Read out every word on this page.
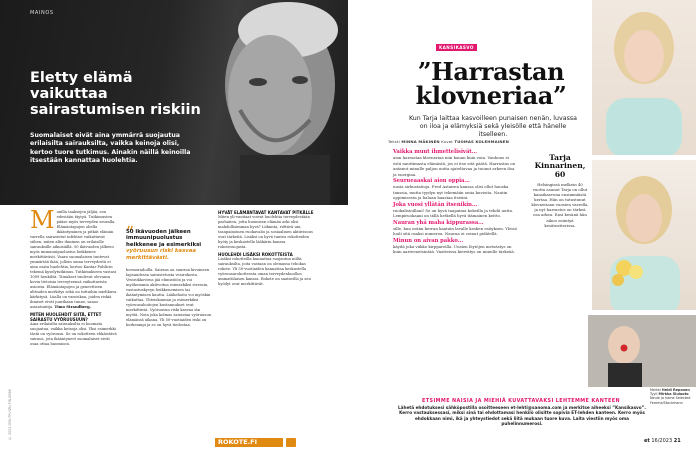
MAINOS
Eletty elämä vaikuttaa sairastumisen riskiin
Suomalaiset eivät aina ymmärrä suojautua erilaisilta sairauksilta, vaikka keinoja olisi, kertoo tuore tutkimus. Ainakin näillä keinoilla itsestään kannattaa huolehtia.
M onilla taaksejen jäljää, sen edestään täytyä. Tutkimusten pääse myös terveyden seuralla. Elämäntapojen ohella ikääntyminen ja pitkät elämän varrella sairastetut infektiot vaikuttavat siihen, miten altis ihminen on erilaisille sairauksille aikuisiällä. 50 ikävuoden jälkeen myös immuunipuolustus heikkenee merkittävästi. Vaara suomalaisen tuntevat ymmärtää ikää, jolloin omaa terveydestä ei aina osata huolehtia, kertoo Kantar Publicin tekemä kyselytutkimus. Tutkimukseen vastasi 1009 henkilöä. Tiinukset tuulevat olevansa kovin tietoisia terveyteensä vaikuttavista asioista. Elämäntapojen ja geneettisen alttiuden merkitys sekä on tuttuihin mielikuva kärkitysä. Liialla on varoiskaa, joiden riskiä ihmiset eivät juurikaan tunne, sanoo asiantuntija. Timo Strandberg.
MITEN HUOLEHDIT SIITÄ, ETTET SAIRASTU VYÖRUUSUUN?
Aina erilaisilta sairauksilta ei huomata suojautua, vaikka keinoja olisi. Yksi esimerkki tästä on vyöruusu. Se on rokotteen ehkäistävä sairaus, jota ikääntyneet suomalaiset eivät osaa ottaa huomioon.
„
50 ikävuoden jälkeen immuunipuolustus heikkenee ja esimerkiksi vyöruusun riski kasvaa merkittävästi.
hermoradoilla. Sairaus on suurina kivuineen lapsuudessa sairastetusta vesirokosta. Vesirokkovirus jää elimistöön ja voi myöhemmin aktivoitua esimerkiksi stressin, vastustuskyvyn heikkenemisen tai ikääntymisen kautta. Lääkehoito voi myöskin vaikuttaa. Yhteiskunnan ja esimerkiksi vyöruusuhoitojen kustannukset ovat merkittäviä. Vyöruusun riski kasvaa iän myötä. Noin joka kolmas sairastaa vyöruusun elämänsä aikana. Yli 50-vuotiaiden riski on korkeampi ja se on hyvä tiedostaa.
HYVÄT ELÄMÄNTAVAT KANTAVAT PITKÄLLE
Miten yli-vuotiaat voivat huolehtia terveydestään parhaiten, jotta huomisen elämän arki olisi mahdollisimman hyvä? Liikunta, riittävä uni, tasapainoinen ruokavalio ja sosiaalinen aktiivisuus ovat tärkeitä. Lisäksi on hyvä tuntea rokotteiden hyöty ja keskustella lääkärin kanssa rokotesuojasta.
HUOLEHDI LISÄKSI ROKOTTEISTA
Lisäksi rokotteilla kannattaa suojautua niiltä sairauksilta, joita vastaan on olemassa tehokas rokote. Yli 50-vuotiaiden kannattaa keskustella vyöruusurokotteesta oman terveydenhuollon ammattilaisen kanssa. Rokote on saatavilla ja sen hyödyt ovat merkittävät.
© 2022 GSK PP-HZU-FIN-0066
ROKOTE.FI
KANSIKASVO
”Harrastan klovneriaa”
Kun Tarja laittaa kasvoilleen punaisen nenän, luvassa on iloa ja elämyksiä sekä yleisölle että hänelle itselleen.
Teksti MINNA MÄKINEN Kuvat TUOMAS KOLEHMAINEN
Vaikka muut ihmettelisivät...

aion harrastaa klovneriaa niin kauan kuin voin. Vanhuus ei estä nauttimasta elämästä, jos ei itse sitä päätä. Harrastus on antanut minulle paljon uutta ajateltavaa ja tuonut arkeen iloa ja energiaa.

Seurueaaskai aion oppia...

uusia sirkustaitoja. Fred Astairen kanssa olisi ollut hauska tanssia, mutta tyydyn nyt tekemään omia kuvioita. Nautin oppimisesta ja haluan haastaa itseäni.

Joka vuosi yllätän itsenikin...

ruokalistoillani! Se on hyvä taapaima kokeilla ja tehdä uutta. Lempiruokaani on tällä hetkellä hyvä itämainen keitto.

Nauran yhä maha kippurassa...

sille, kun erään kerran kaatuin lavalle kesken esityksen. Yleisö luuli sitä osaksi numeroa. Naurua ei voinut pidätellä.

Minun on aivan pakko...

käydä joka viikko kirppareilla. Uusien löytöjen metsästys on kuin aarteenetsintää. Vaatteissa kierrätys on minulle tärkeää.

Tarja Kinnarinen, 60
Helsingissä melkein 40 vuotta asunut Tarja on ollut kansikasvona ensimmäistä kertaa. Hän on tutustunut klovneriaan vuosien varrella, ja nyt harrastus on tärkeä osa arkea. Ensi kesänä hän aikoo esiintyä kesäteatterissa.
Meikki Heidi Reponen
Tyyli Mirkka Siuluoto
Neule ja hame Selected Femme/Stockmann
ETSIMME NAISIA JA MIEHIÄ KUVATTAVAKSI LEHTEMME KANTEEN
Lähetä ehdotuksesi sähköpostilla osoitteeseen et-lehti@sanoma.com ja merkitse aiheeksi ”Kansikasvo”. Kerro vastauksessasi, miksi sinä tai ehdottamasi henkilö olisitte sopivia ET-lehden kanteen. Kerro myös ehdokkaan nimi, ikä ja yhteystiedot sekä liitä mukaan tuore kuva. Laita viestiin myös oma puhelinnumerosi.
et 16/2023 21
